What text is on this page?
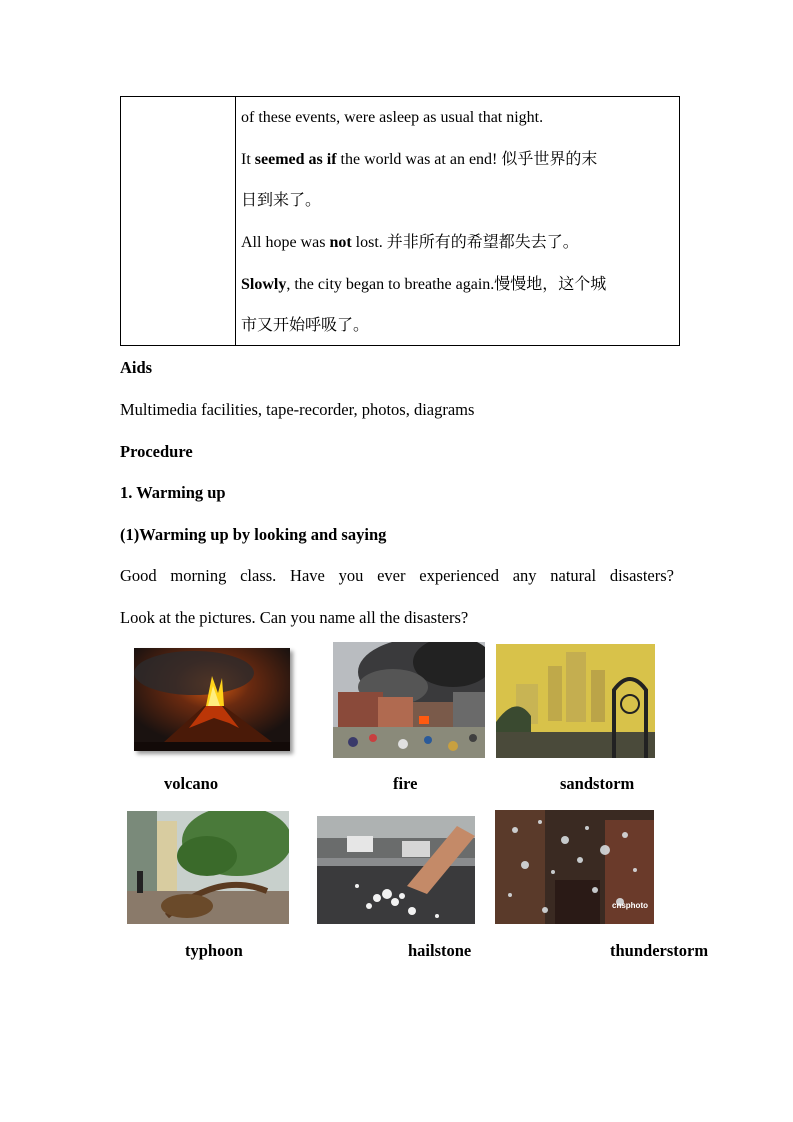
of these events, were asleep as usual that night.
It seemed as if the world was at an end! 似乎世界的末
日到来了。
All hope was not lost. 并非所有的希望都失去了。
Slowly, the city began to breathe again.慢慢地，这个城
市又开始呼吸了。
Aids
Multimedia facilities, tape-recorder, photos, diagrams
Procedure
1. Warming up
(1)Warming up by looking and saying
Good morning class. Have you ever experienced any natural disasters?
Look at the pictures. Can you name all the disasters?
cnsphoto
volcano	fire	sandstorm
typhoon	hailstone	thunderstorm
